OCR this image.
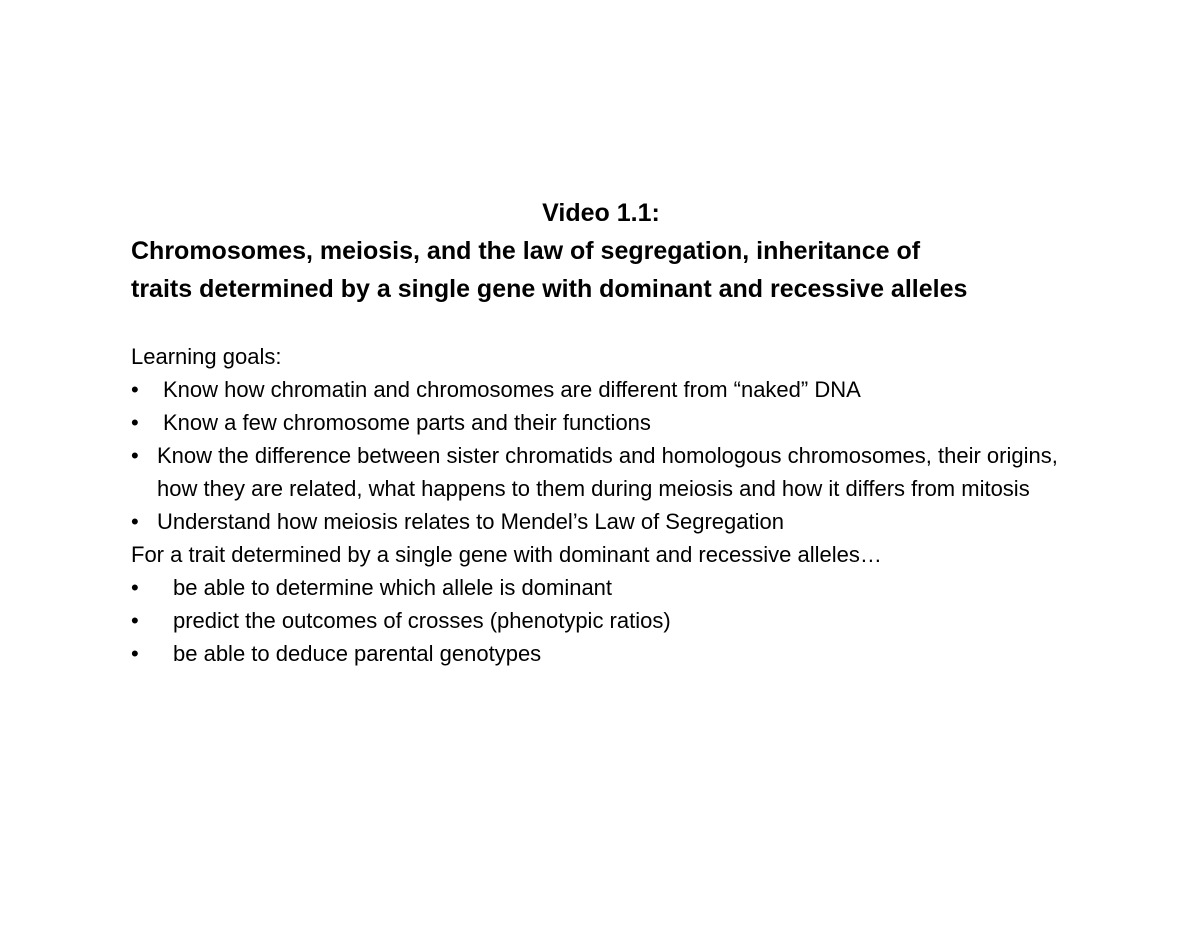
Video 1.1:
Chromosomes, meiosis, and the law of segregation, inheritance of
traits determined by a single gene with dominant and recessive alleles
Learning goals:
• Know how chromatin and chromosomes are different from “naked” DNA
• Know a few chromosome parts and their functions
• Know the difference between sister chromatids and homologous chromosomes, their origins, how they are related, what happens to them during meiosis and how it differs from mitosis
• Understand how meiosis relates to Mendel’s Law of Segregation
For a trait determined by a single gene with dominant and recessive alleles…
• be able to determine which allele is dominant
• predict the outcomes of crosses (phenotypic ratios)
• be able to deduce parental genotypes
